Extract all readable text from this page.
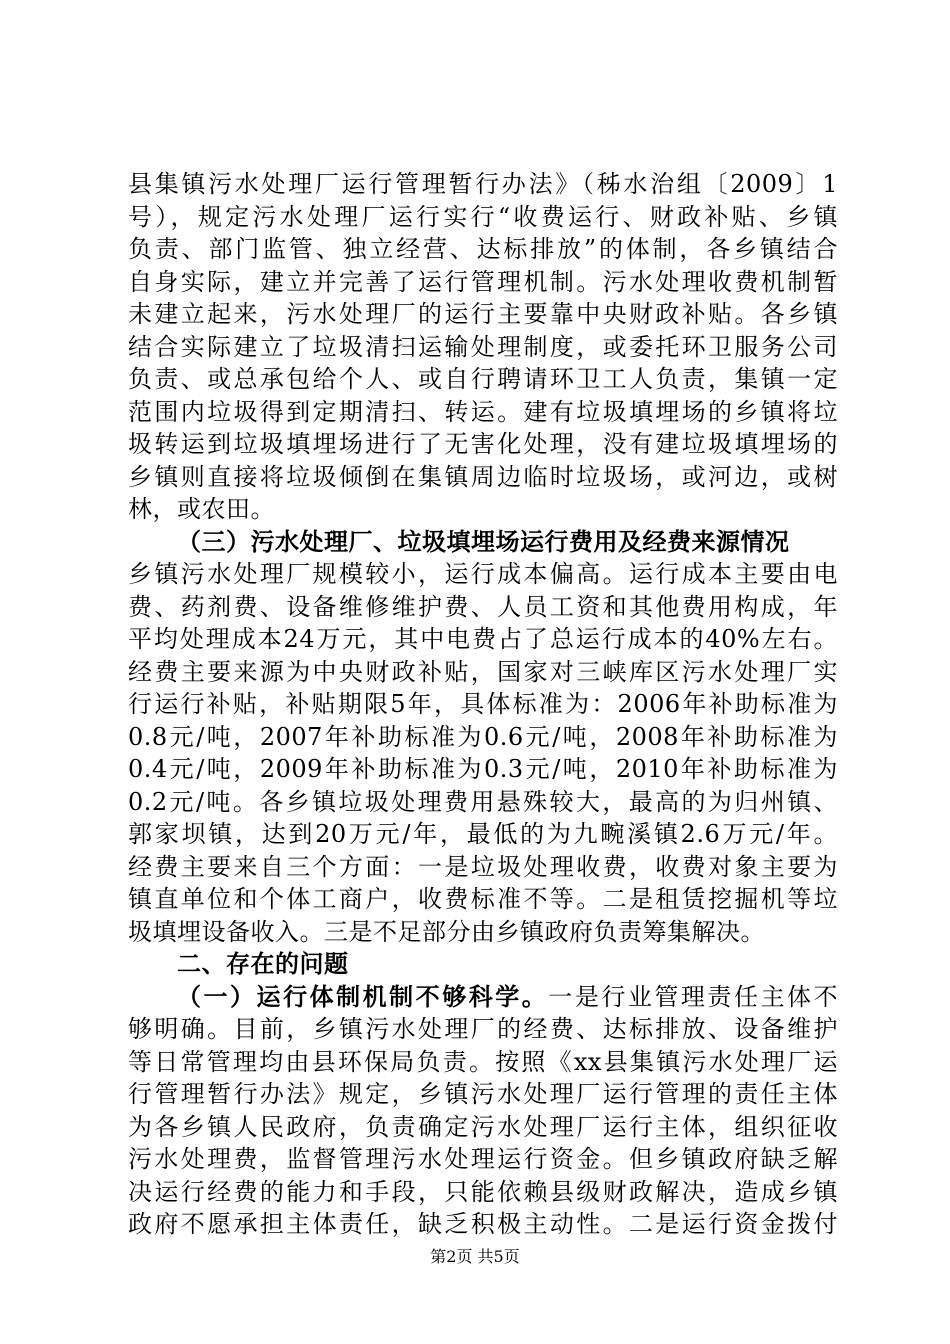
县集镇污水处理厂运行管理暂行办法》（秭水治组〔2009〕1
号），规定污水处理厂运行实行“收费运行、财政补贴、乡镇
负责、部门监管、独立经营、达标排放”的体制，各乡镇结合
自身实际，建立并完善了运行管理机制。污水处理收费机制暂
未建立起来，污水处理厂的运行主要靠中央财政补贴。各乡镇
结合实际建立了垃圾清扫运输处理制度，或委托环卫服务公司
负责、或总承包给个人、或自行聘请环卫工人负责，集镇一定
范围内垃圾得到定期清扫、转运。建有垃圾填埋场的乡镇将垃
圾转运到垃圾填埋场进行了无害化处理，没有建垃圾填埋场的
乡镇则直接将垃圾倾倒在集镇周边临时垃圾场，或河边，或树
林，或农田。
（三）污水处理厂、垃圾填埋场运行费用及经费来源情况
乡镇污水处理厂规模较小，运行成本偏高。运行成本主要由电
费、药剂费、设备维修维护费、人员工资和其他费用构成，年
平均处理成本24万元，其中电费占了总运行成本的40%左右。
经费主要来源为中央财政补贴，国家对三峡库区污水处理厂实
行运行补贴，补贴期限5年，具体标准为：2006年补助标准为
0.8元/吨，2007年补助标准为0.6元/吨，2008年补助标准为
0.4元/吨，2009年补助标准为0.3元/吨，2010年补助标准为
0.2元/吨。各乡镇垃圾处理费用悬殊较大，最高的为归州镇、
郭家坝镇，达到20万元/年，最低的为九畹溪镇2.6万元/年。
经费主要来自三个方面：一是垃圾处理收费，收费对象主要为
镇直单位和个体工商户，收费标准不等。二是租赁挖掘机等垃
圾填埋设备收入。三是不足部分由乡镇政府负责筹集解决。
二、存在的问题
（一）运行体制机制不够科学。一是行业管理责任主体不
够明确。目前，乡镇污水处理厂的经费、达标排放、设备维护
等日常管理均由县环保局负责。按照《xx县集镇污水处理厂运
行管理暂行办法》规定，乡镇污水处理厂运行管理的责任主体
为各乡镇人民政府，负责确定污水处理厂运行主体，组织征收
污水处理费，监督管理污水处理运行资金。但乡镇政府缺乏解
决运行经费的能力和手段，只能依赖县级财政解决，造成乡镇
政府不愿承担主体责任，缺乏积极主动性。二是运行资金拨付
第2页 共5页
